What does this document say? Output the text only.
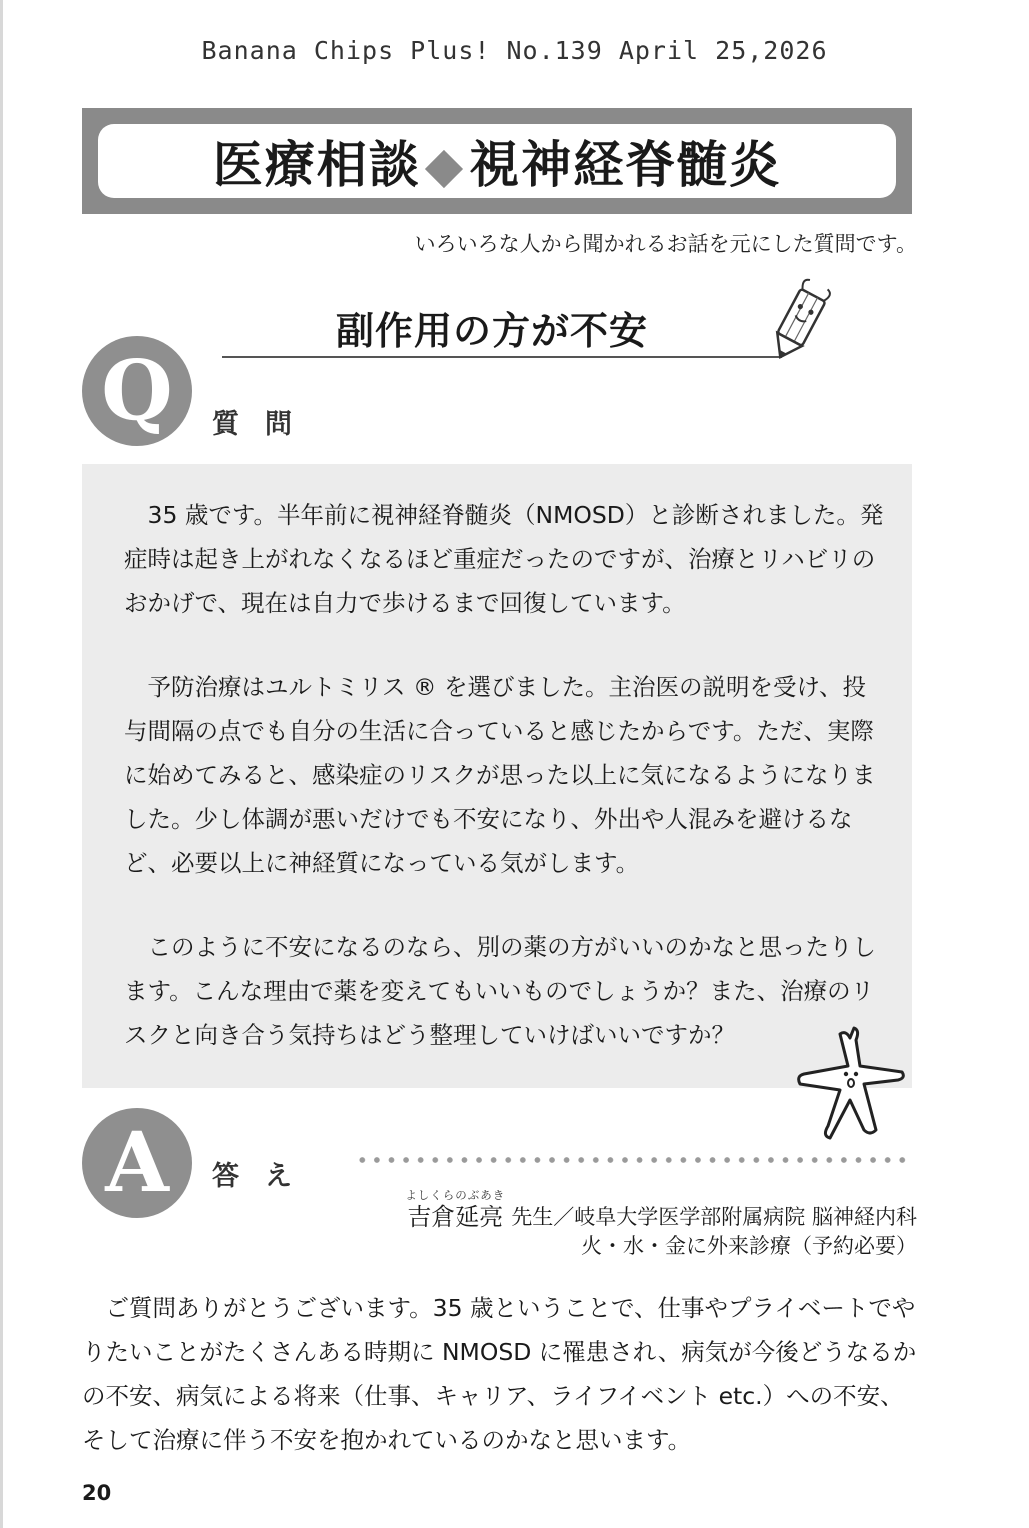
Banana Chips Plus! No.139 April 25,2026
医療相談◆視神経脊髄炎
いろいろな人から聞かれるお話を元にした質問です。
副作用の方が不安
Q	質問

35 歳です。半年前に視神経脊髄炎（NMOSD）と診断されました。発症時は起き上がれなくなるほど重症だったのですが、治療とリハビリのおかげで、現在は自力で歩けるまで回復しています。

予防治療はユルトミリス ® を選びました。主治医の説明を受け、投与間隔の点でも自分の生活に合っていると感じたからです。ただ、実際に始めてみると、感染症のリスクが思った以上に気になるようになりました。少し体調が悪いだけでも不安になり、外出や人混みを避けるなど、必要以上に神経質になっている気がします。

このように不安になるのなら、別の薬の方がいいのかなと思ったりします。こんな理由で薬を変えてもいいものでしょうか？また、治療のリスクと向き合う気持ちはどう整理していけばいいですか？

A	答え
よしくらのぶあき
吉倉延亮 先生／岐阜大学医学部附属病院 脳神経内科
火・水・金に外来診療（予約必要）

ご質問ありがとうございます。35 歳ということで、仕事やプライベートでやりたいことがたくさんある時期に NMOSD に罹患され、病気が今後どうなるかの不安、病気による将来（仕事、キャリア、ライフイベント etc.）への不安、そして治療に伴う不安を抱かれているのかなと思います。

20
